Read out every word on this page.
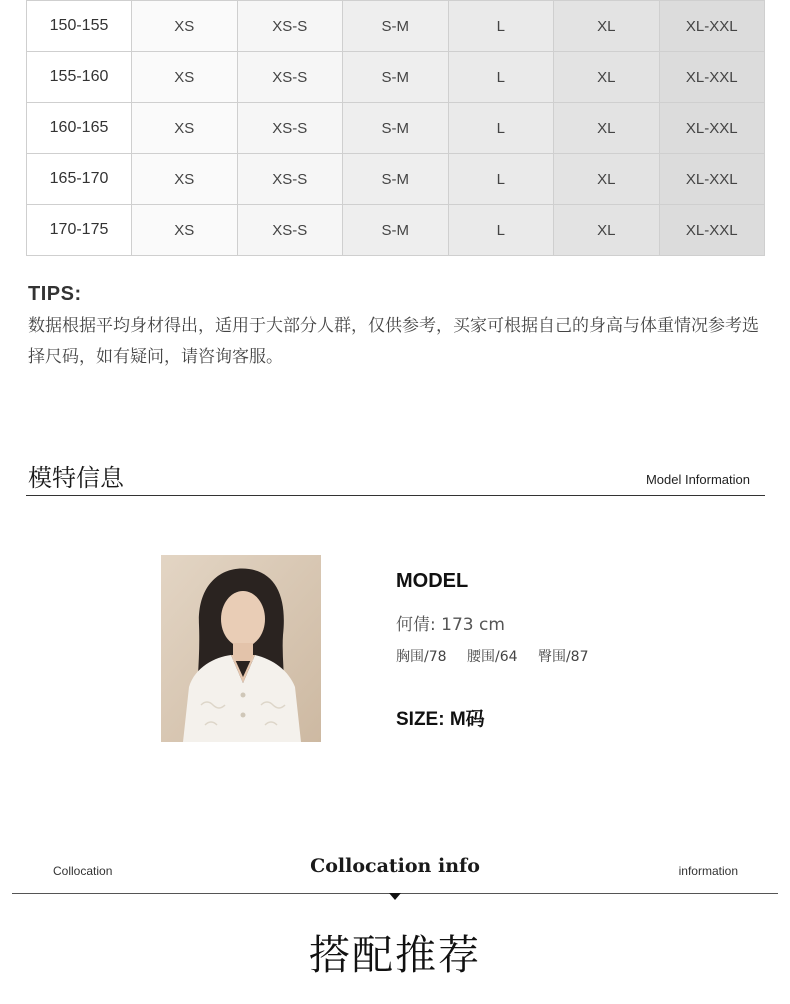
150-155	XS	XS-S	S-M	L	XL	XL-XXL
155-160	XS	XS-S	S-M	L	XL	XL-XXL
160-165	XS	XS-S	S-M	L	XL	XL-XXL
165-170	XS	XS-S	S-M	L	XL	XL-XXL
170-175	XS	XS-S	S-M	L	XL	XL-XXL
TIPS:
数据根据平均身材得出，适用于大部分人群，仅供参考，买家可根据自己的身高与体重情况参考选择尺码，如有疑问，请咨询客服。
模特信息	Model Information
MODEL
何倩: 173 cm
胸围/78 腰围/64 臀围/87
SIZE: M码
Collocation	Collocation info	information
搭配推荐
